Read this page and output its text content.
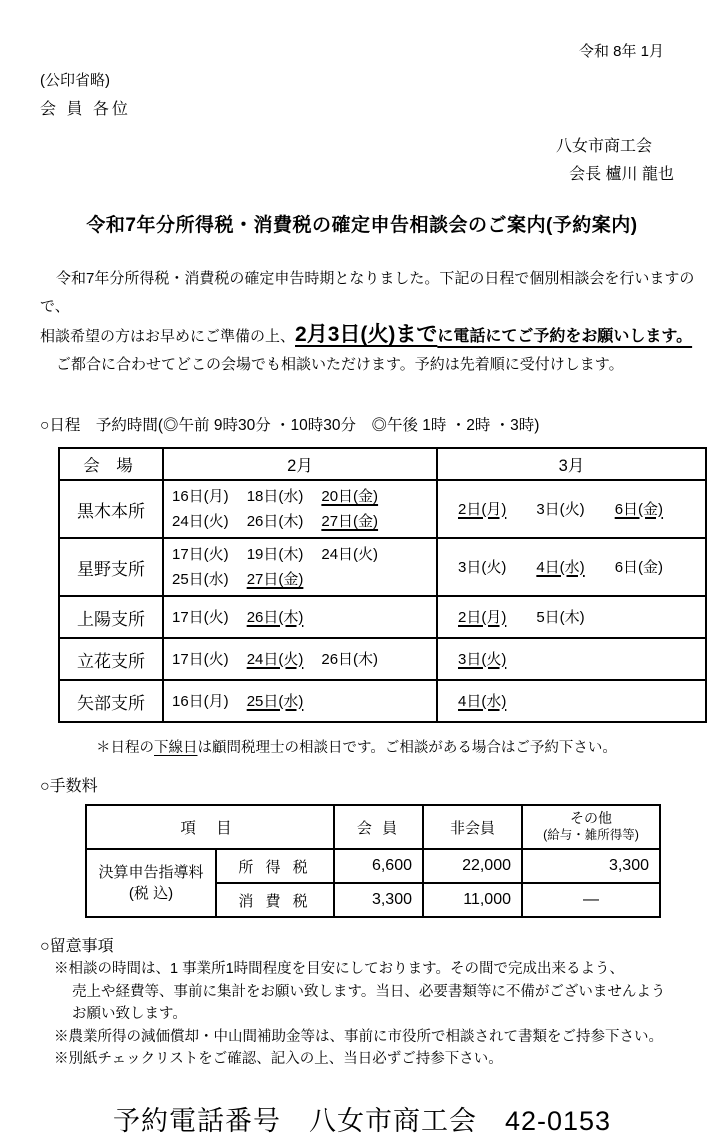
令和 8年 1月
(公印省略)
会 員 各位
八女市商工会
会長 櫨川 龍也
令和7年分所得税・消費税の確定申告相談会のご案内(予約案内)
令和7年分所得税・消費税の確定申告時期となりました。下記の日程で個別相談会を行いますので、
相談希望の方はお早めにご準備の上、2月3日(火)までに電話にてご予約をお願いします。
ご都合に合わせてどこの会場でも相談いただけます。予約は先着順に受付けします。
○日程　予約時間(◎午前 9時30分 ・10時30分　◎午後 1時 ・2時 ・3時)
会 場	2月	3月
黒木本所	16日(月) 18日(水) 20日(金)
24日(火) 26日(木) 27日(金)	2日(月) 3日(火) 6日(金)

星野支所	17日(火) 19日(木) 24日(火)
25日(水) 27日(金)	3日(火) 4日(水) 6日(金)

上陽支所	17日(火) 26日(木)	2日(月) 5日(木)

立花支所	17日(火) 24日(火) 26日(木)	3日(火)

矢部支所	16日(月) 25日(水)	4日(水)
＊日程の下線日は顧問税理士の相談日です。ご相談がある場合はご予約下さい。
○手数料
項 目		会 員	非会員	その他
(給与・雑所得等)

決算申告指導料
(税 込)	所 得 税	6,600	22,000	3,300
	消 費 税	3,300	11,000	―
○留意事項
※相談の時間は、1 事業所1時間程度を目安にしております。その間で完成出来るよう、
売上や経費等、事前に集計をお願い致します。当日、必要書類等に不備がございませんよう
お願い致します。
※農業所得の減価償却・中山間補助金等は、事前に市役所で相談されて書類をご持参下さい。
※別紙チェックリストをご確認、記入の上、当日必ずご持参下さい。
予約電話番号　八女市商工会　42-0153
